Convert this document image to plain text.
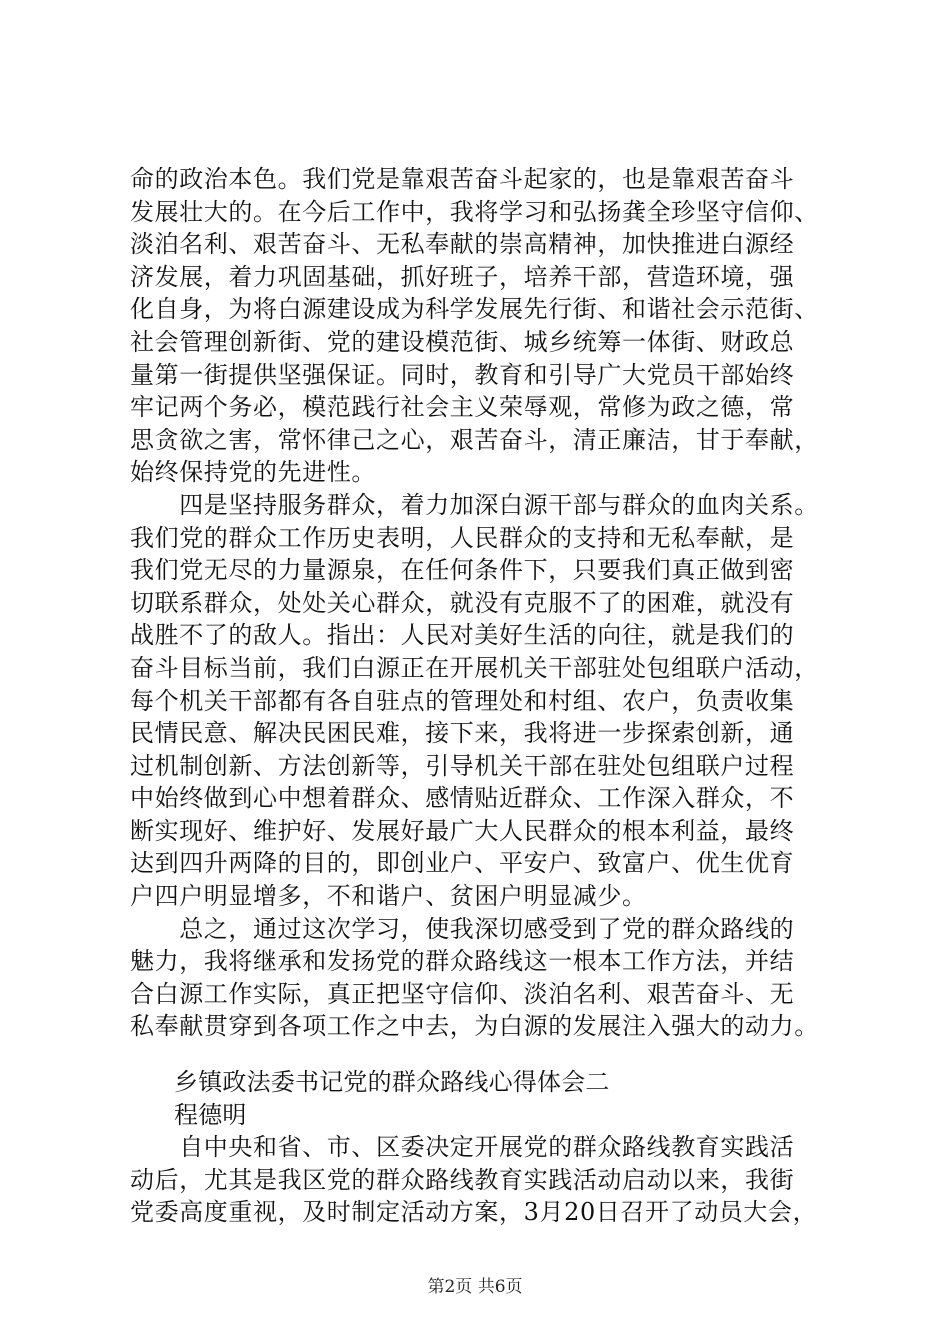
命的政治本色。我们党是靠艰苦奋斗起家的，也是靠艰苦奋斗
发展壮大的。在今后工作中，我将学习和弘扬龚全珍坚守信仰、
淡泊名利、艰苦奋斗、无私奉献的崇高精神，加快推进白源经
济发展，着力巩固基础，抓好班子，培养干部，营造环境，强
化自身，为将白源建设成为科学发展先行街、和谐社会示范街、
社会管理创新街、党的建设模范街、城乡统筹一体街、财政总
量第一街提供坚强保证。同时，教育和引导广大党员干部始终
牢记两个务必，模范践行社会主义荣辱观，常修为政之德，常
思贪欲之害，常怀律己之心，艰苦奋斗，清正廉洁，甘于奉献，
始终保持党的先进性。
　　四是坚持服务群众，着力加深白源干部与群众的血肉关系。
我们党的群众工作历史表明，人民群众的支持和无私奉献，是
我们党无尽的力量源泉，在任何条件下，只要我们真正做到密
切联系群众，处处关心群众，就没有克服不了的困难，就没有
战胜不了的敌人。指出：人民对美好生活的向往，就是我们的
奋斗目标当前，我们白源正在开展机关干部驻处包组联户活动，
每个机关干部都有各自驻点的管理处和村组、农户，负责收集
民情民意、解决民困民难，接下来，我将进一步探索创新，通
过机制创新、方法创新等，引导机关干部在驻处包组联户过程
中始终做到心中想着群众、感情贴近群众、工作深入群众，不
断实现好、维护好、发展好最广大人民群众的根本利益，最终
达到四升两降的目的，即创业户、平安户、致富户、优生优育
户四户明显增多，不和谐户、贫困户明显减少。
　　总之，通过这次学习，使我深切感受到了党的群众路线的
魅力，我将继承和发扬党的群众路线这一根本工作方法，并结
合白源工作实际，真正把坚守信仰、淡泊名利、艰苦奋斗、无
私奉献贯穿到各项工作之中去，为白源的发展注入强大的动力。
乡镇政法委书记党的群众路线心得体会二
程德明
　　自中央和省、市、区委决定开展党的群众路线教育实践活
动后，尤其是我区党的群众路线教育实践活动启动以来，我街
党委高度重视，及时制定活动方案，3月20日召开了动员大会，
第2页 共6页
